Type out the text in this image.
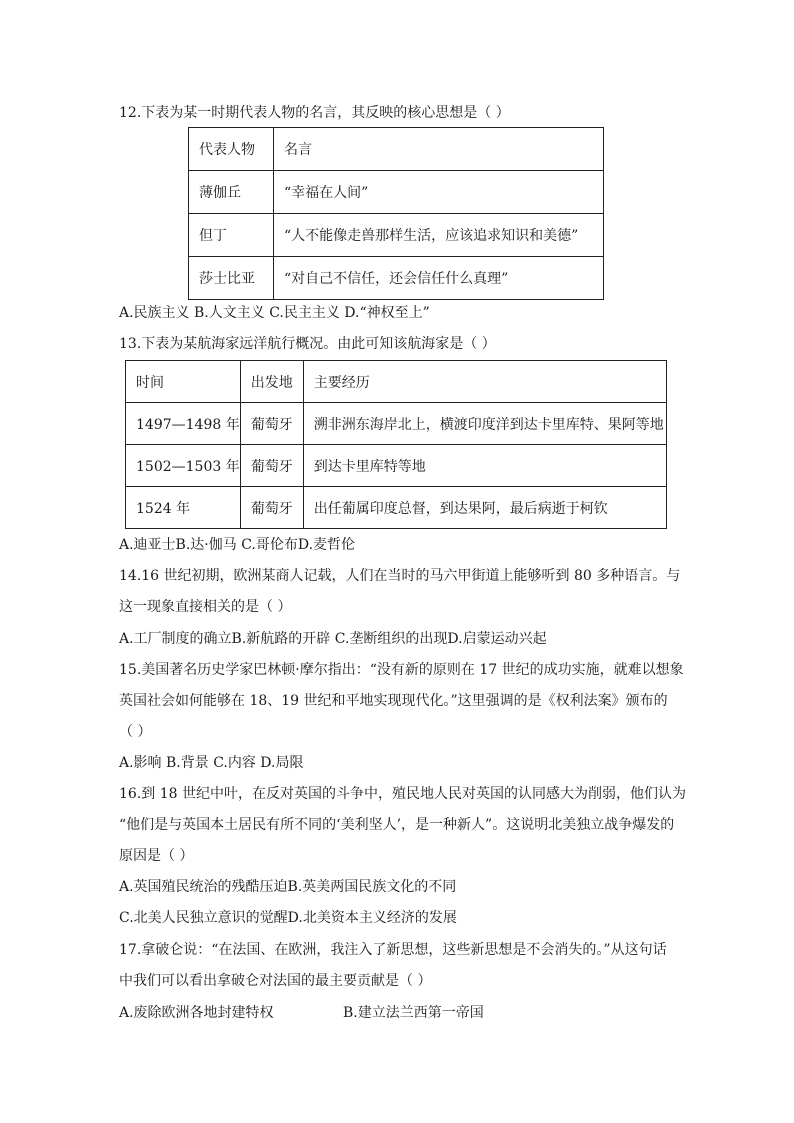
12.下表为某一时期代表人物的名言，其反映的核心思想是（ ）
代表人物	名言
薄伽丘	“幸福在人间”
但丁	“人不能像走兽那样生活，应该追求知识和美德”
莎士比亚	“对自己不信任，还会信任什么真理”
A.民族主义 B.人文主义 C.民主主义 D.“神权至上”
13.下表为某航海家远洋航行概况。由此可知该航海家是（ ）
时间	出发地	主要经历
1497—1498 年	葡萄牙	溯非洲东海岸北上，横渡印度洋到达卡里库特、果阿等地
1502—1503 年	葡萄牙	到达卡里库特等地
1524 年	葡萄牙	出任葡属印度总督，到达果阿，最后病逝于柯钦
A.迪亚士B.达·伽马 C.哥伦布D.麦哲伦
14.16 世纪初期，欧洲某商人记载，人们在当时的马六甲街道上能够听到 80 多种语言。与
这一现象直接相关的是（ ）
A.工厂制度的确立B.新航路的开辟 C.垄断组织的出现D.启蒙运动兴起
15.美国著名历史学家巴林顿·摩尔指出：“没有新的原则在 17 世纪的成功实施，就难以想象
英国社会如何能够在 18、19 世纪和平地实现现代化。”这里强调的是《权利法案》颁布的
（ ）
A.影响 B.背景 C.内容 D.局限
16.到 18 世纪中叶，在反对英国的斗争中，殖民地人民对英国的认同感大为削弱，他们认为
“他们是与英国本土居民有所不同的‘美利坚人’，是一种新人”。这说明北美独立战争爆发的
原因是（ ）
A.英国殖民统治的残酷压迫B.英美两国民族文化的不同
C.北美人民独立意识的觉醒D.北美资本主义经济的发展
17.拿破仑说：“在法国、在欧洲，我注入了新思想，这些新思想是不会消失的。”从这句话
中我们可以看出拿破仑对法国的最主要贡献是（ ）
A.废除欧洲各地封建特权	B.建立法兰西第一帝国
